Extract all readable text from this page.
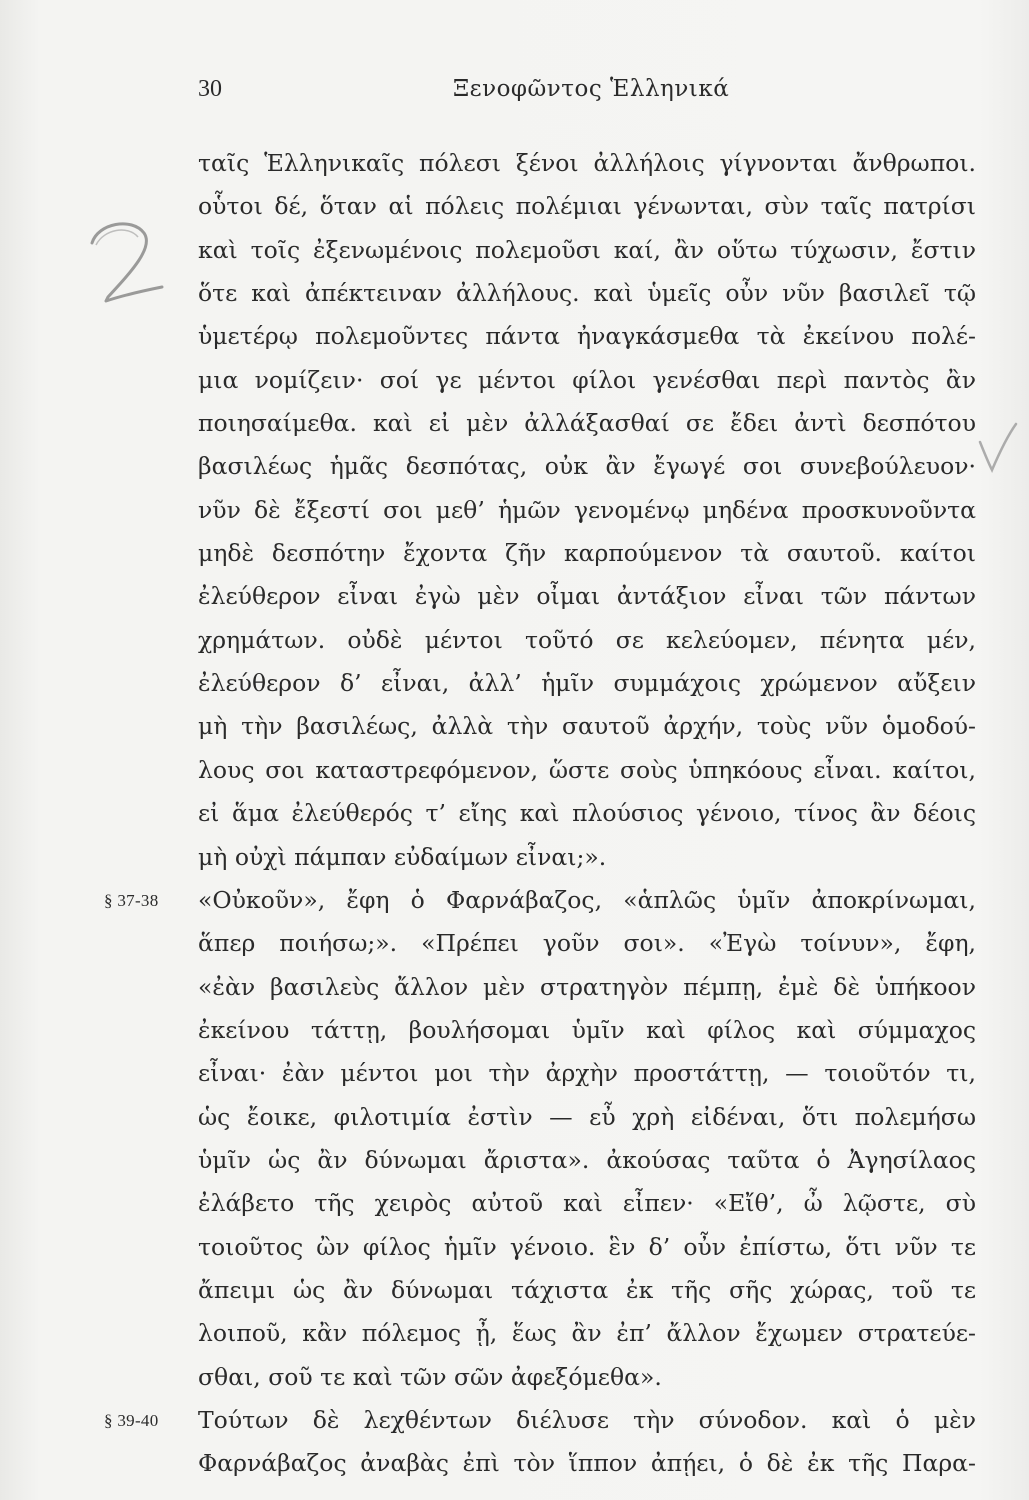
30	Ξενοφῶντος Ἑλληνικά
ταῖς Ἑλληνικαῖς πόλεσι ξένοι ἀλλήλοις γίγνονται ἄνθρωποι.
οὗτοι δέ, ὅταν αἱ πόλεις πολέμιαι γένωνται, σὺν ταῖς πατρίσι
καὶ τοῖς ἐξενωμένοις πολεμοῦσι καί, ἂν οὕτω τύχωσιν, ἔστιν
ὅτε καὶ ἀπέκτειναν ἀλλήλους. καὶ ὑμεῖς οὖν νῦν βασιλεῖ τῷ
ὑμετέρῳ πολεμοῦντες πάντα ἠναγκάσμεθα τὰ ἐκείνου πολέ-
μια νομίζειν· σοί γε μέντοι φίλοι γενέσθαι περὶ παντὸς ἂν
ποιησαίμεθα. καὶ εἰ μὲν ἀλλάξασθαί σε ἔδει ἀντὶ δεσπότου
βασιλέως ἡμᾶς δεσπότας, οὐκ ἂν ἔγωγέ σοι συνεβούλευον·
νῦν δὲ ἔξεστί σοι μεθ’ ἡμῶν γενομένῳ μηδένα προσκυνοῦντα
μηδὲ δεσπότην ἔχοντα ζῆν καρπούμενον τὰ σαυτοῦ. καίτοι
ἐλεύθερον εἶναι ἐγὼ μὲν οἶμαι ἀντάξιον εἶναι τῶν πάντων
χρημάτων. οὐδὲ μέντοι τοῦτό σε κελεύομεν, πένητα μέν,
ἐλεύθερον δ’ εἶναι, ἀλλ’ ἡμῖν συμμάχοις χρώμενον αὔξειν
μὴ τὴν βασιλέως, ἀλλὰ τὴν σαυτοῦ ἀρχήν, τοὺς νῦν ὁμοδού-
λους σοι καταστρεφόμενον, ὥστε σοὺς ὑπηκόους εἶναι. καίτοι,
εἰ ἅμα ἐλεύθερός τ’ εἴης καὶ πλούσιος γένοιο, τίνος ἂν δέοις
μὴ οὐχὶ πάμπαν εὐδαίμων εἶναι;».
§ 37-38 «Οὐκοῦν», ἔφη ὁ Φαρνάβαζος, «ἁπλῶς ὑμῖν ἀποκρίνωμαι,
ἅπερ ποιήσω;». «Πρέπει γοῦν σοι». «Ἐγὼ τοίνυν», ἔφη,
«ἐὰν βασιλεὺς ἄλλον μὲν στρατηγὸν πέμπῃ, ἐμὲ δὲ ὑπήκοον
ἐκείνου τάττῃ, βουλήσομαι ὑμῖν καὶ φίλος καὶ σύμμαχος
εἶναι· ἐὰν μέντοι μοι τὴν ἀρχὴν προστάττῃ, — τοιοῦτόν τι,
ὡς ἔοικε, φιλοτιμία ἐστὶν — εὖ χρὴ εἰδέναι, ὅτι πολεμήσω
ὑμῖν ὡς ἂν δύνωμαι ἄριστα». ἀκούσας ταῦτα ὁ Ἀγησίλαος
ἐλάβετο τῆς χειρὸς αὐτοῦ καὶ εἶπεν· «Εἴθ’, ὦ λῷστε, σὺ
τοιοῦτος ὢν φίλος ἡμῖν γένοιο. ἓν δ’ οὖν ἐπίστω, ὅτι νῦν τε
ἄπειμι ὡς ἂν δύνωμαι τάχιστα ἐκ τῆς σῆς χώρας, τοῦ τε
λοιποῦ, κἂν πόλεμος ᾖ, ἕως ἂν ἐπ’ ἄλλον ἔχωμεν στρατεύε-
σθαι, σοῦ τε καὶ τῶν σῶν ἀφεξόμεθα».
§ 39-40 Τούτων δὲ λεχθέντων διέλυσε τὴν σύνοδον. καὶ ὁ μὲν
Φαρνάβαζος ἀναβὰς ἐπὶ τὸν ἵππον ἀπῄει, ὁ δὲ ἐκ τῆς Παρα-
